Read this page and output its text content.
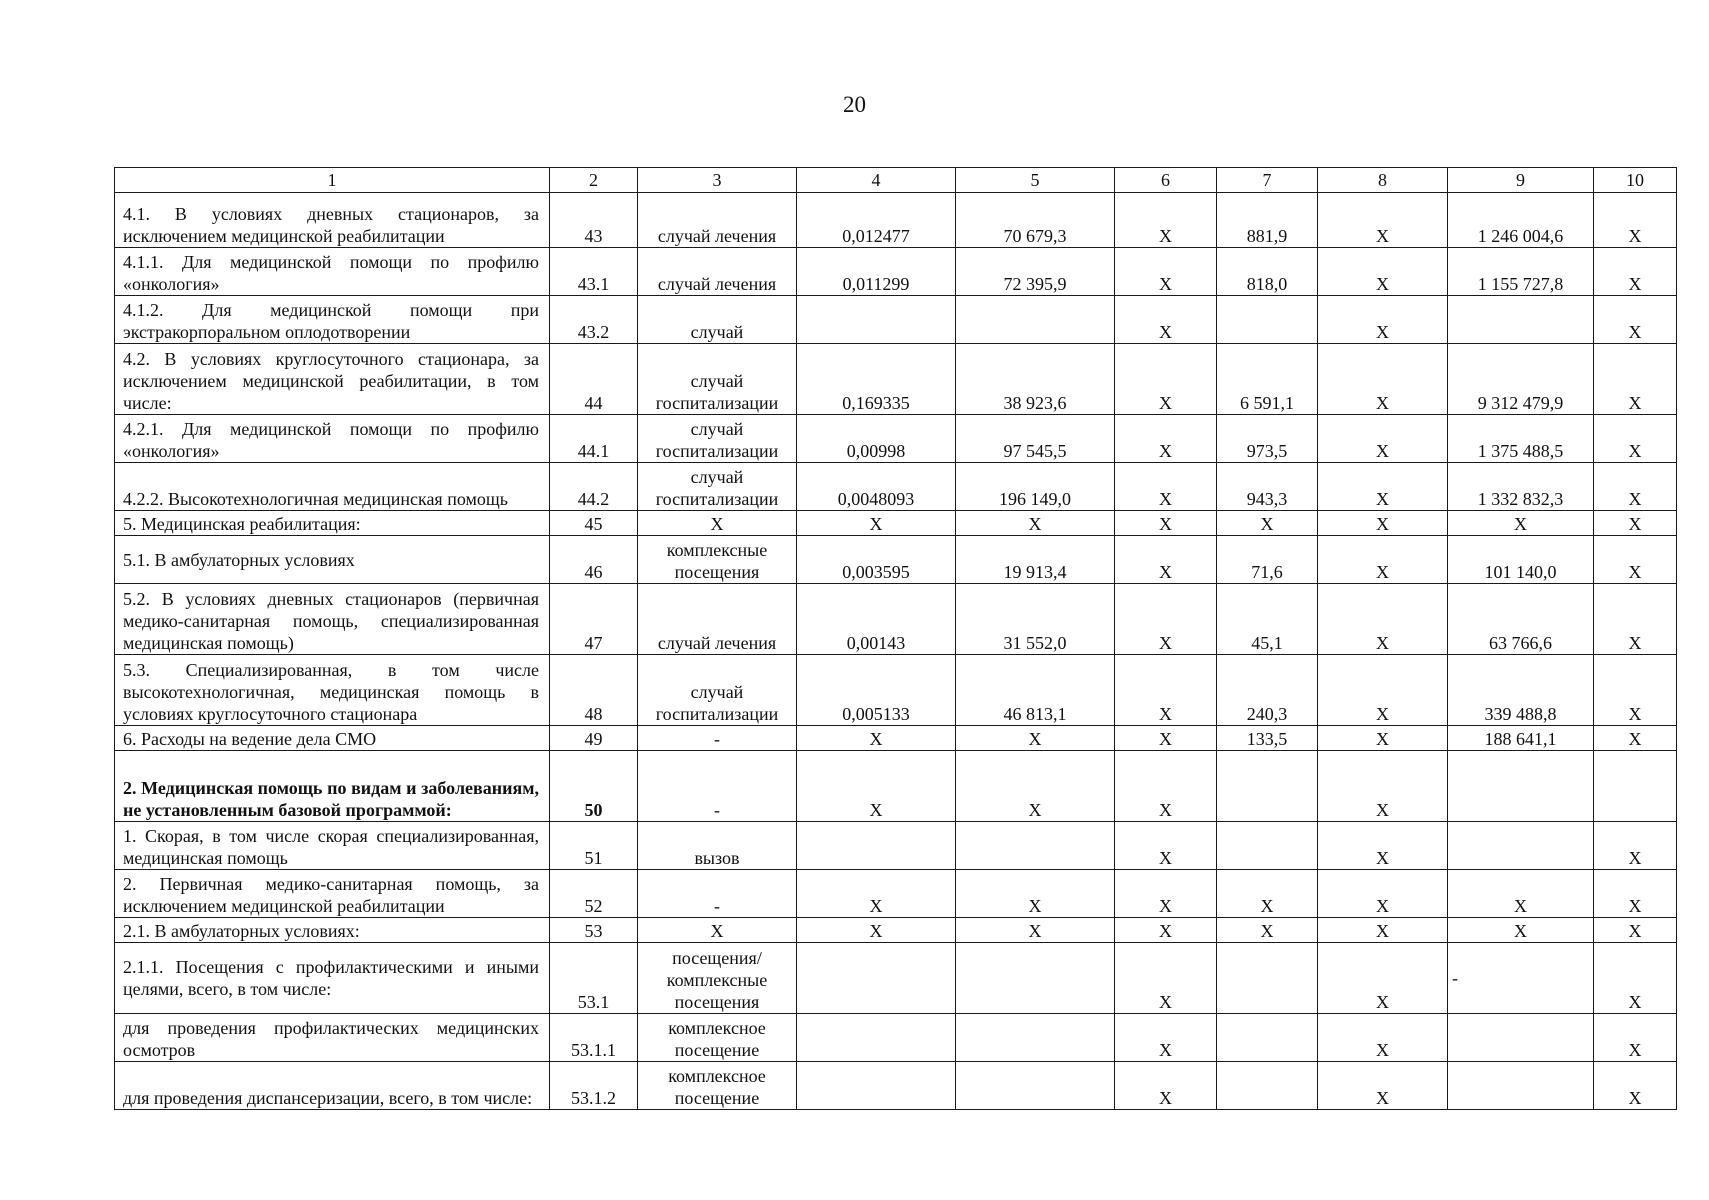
20
1	2	3	4	5	6	7	8	9	10
4.1. В условиях дневных стационаров, за исключением медицинской реабилитации	43	случай лечения	0,012477	70 679,3	X	881,9	X	1 246 004,6	X
4.1.1. Для медицинской помощи по профилю «онкология»	43.1	случай лечения	0,011299	72 395,9	X	818,0	X	1 155 727,8	X
4.1.2. Для медицинской помощи при экстракорпоральном оплодотворении	43.2	случай			X		X		X
4.2. В условиях круглосуточного стационара, за исключением медицинской реабилитации, в том числе:	44	случай госпитализации	0,169335	38 923,6	X	6 591,1	X	9 312 479,9	X
4.2.1. Для медицинской помощи по профилю «онкология»	44.1	случай госпитализации	0,00998	97 545,5	X	973,5	X	1 375 488,5	X
4.2.2. Высокотехнологичная медицинская помощь	44.2	случай госпитализации	0,0048093	196 149,0	X	943,3	X	1 332 832,3	X
5. Медицинская реабилитация:	45	X	X	X	X	X	X	X	X
5.1. В амбулаторных условиях	46	комплексные посещения	0,003595	19 913,4	X	71,6	X	101 140,0	X
5.2. В условиях дневных стационаров (первичная медико-санитарная помощь, специализированная медицинская помощь)	47	случай лечения	0,00143	31 552,0	X	45,1	X	63 766,6	X
5.3. Специализированная, в том числе высокотехнологичная, медицинская помощь в условиях круглосуточного стационара	48	случай госпитализации	0,005133	46 813,1	X	240,3	X	339 488,8	X
6. Расходы на ведение дела СМО	49	-	X	X	X	133,5	X	188 641,1	X
2. Медицинская помощь по видам и заболеваниям, не установленным базовой программой:	50	-	X	X	X		X		
1. Скорая, в том числе скорая специализированная, медицинская помощь	51	вызов			X		X		X
2. Первичная медико-санитарная помощь, за исключением медицинской реабилитации	52	-	X	X	X	X	X	X	X
2.1. В амбулаторных условиях:	53	X	X	X	X	X	X	X	X
2.1.1. Посещения с профилактическими и иными целями, всего, в том числе:	53.1	посещения/ комплексные посещения			X		X	-	X
для проведения профилактических медицинских осмотров	53.1.1	комплексное посещение			X		X		X
для проведения диспансеризации, всего, в том числе:	53.1.2	комплексное посещение			X		X		X
